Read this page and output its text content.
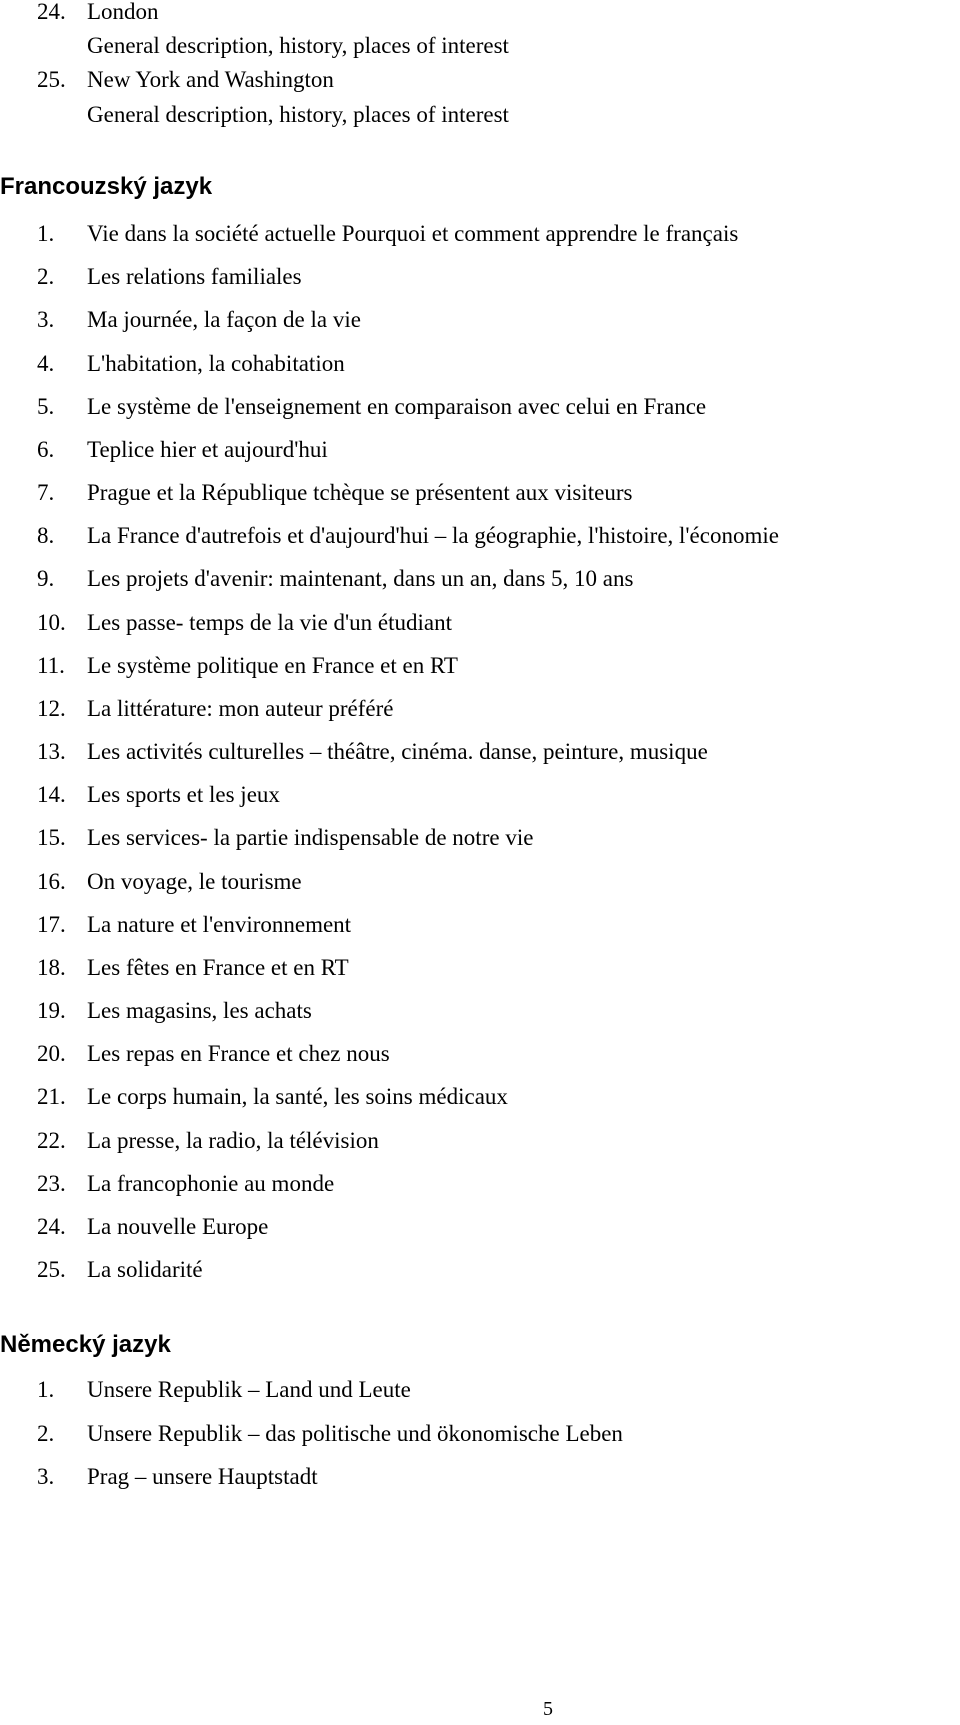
24. London
General description, history, places of interest
25. New York and Washington
General description, history, places of interest
Francouzský jazyk
1. Vie dans la société actuelle Pourquoi et comment apprendre le français
2. Les relations familiales
3. Ma journée, la façon de la vie
4. L'habitation, la cohabitation
5. Le système de l'enseignement en comparaison avec celui en France
6. Teplice hier et aujourd'hui
7. Prague et la République tchèque se présentent aux visiteurs
8. La France d'autrefois et d'aujourd'hui – la géographie, l'histoire, l'économie
9. Les projets d'avenir: maintenant, dans un an, dans 5, 10 ans
10. Les passe- temps de la vie d'un étudiant
11. Le système politique en France et en RT
12. La littérature: mon auteur préféré
13. Les activités culturelles – théâtre, cinéma. danse, peinture, musique
14. Les sports et les jeux
15. Les services- la partie indispensable de notre vie
16. On voyage, le tourisme
17. La nature et l'environnement
18. Les fêtes en France et en RT
19. Les magasins, les achats
20. Les repas en France et chez nous
21. Le corps humain, la santé, les soins médicaux
22. La presse, la radio, la télévision
23. La francophonie au monde
24. La nouvelle Europe
25. La solidarité
Německý jazyk
1. Unsere Republik – Land und Leute
2. Unsere Republik – das politische und ökonomische Leben
3. Prag – unsere Hauptstadt
5
